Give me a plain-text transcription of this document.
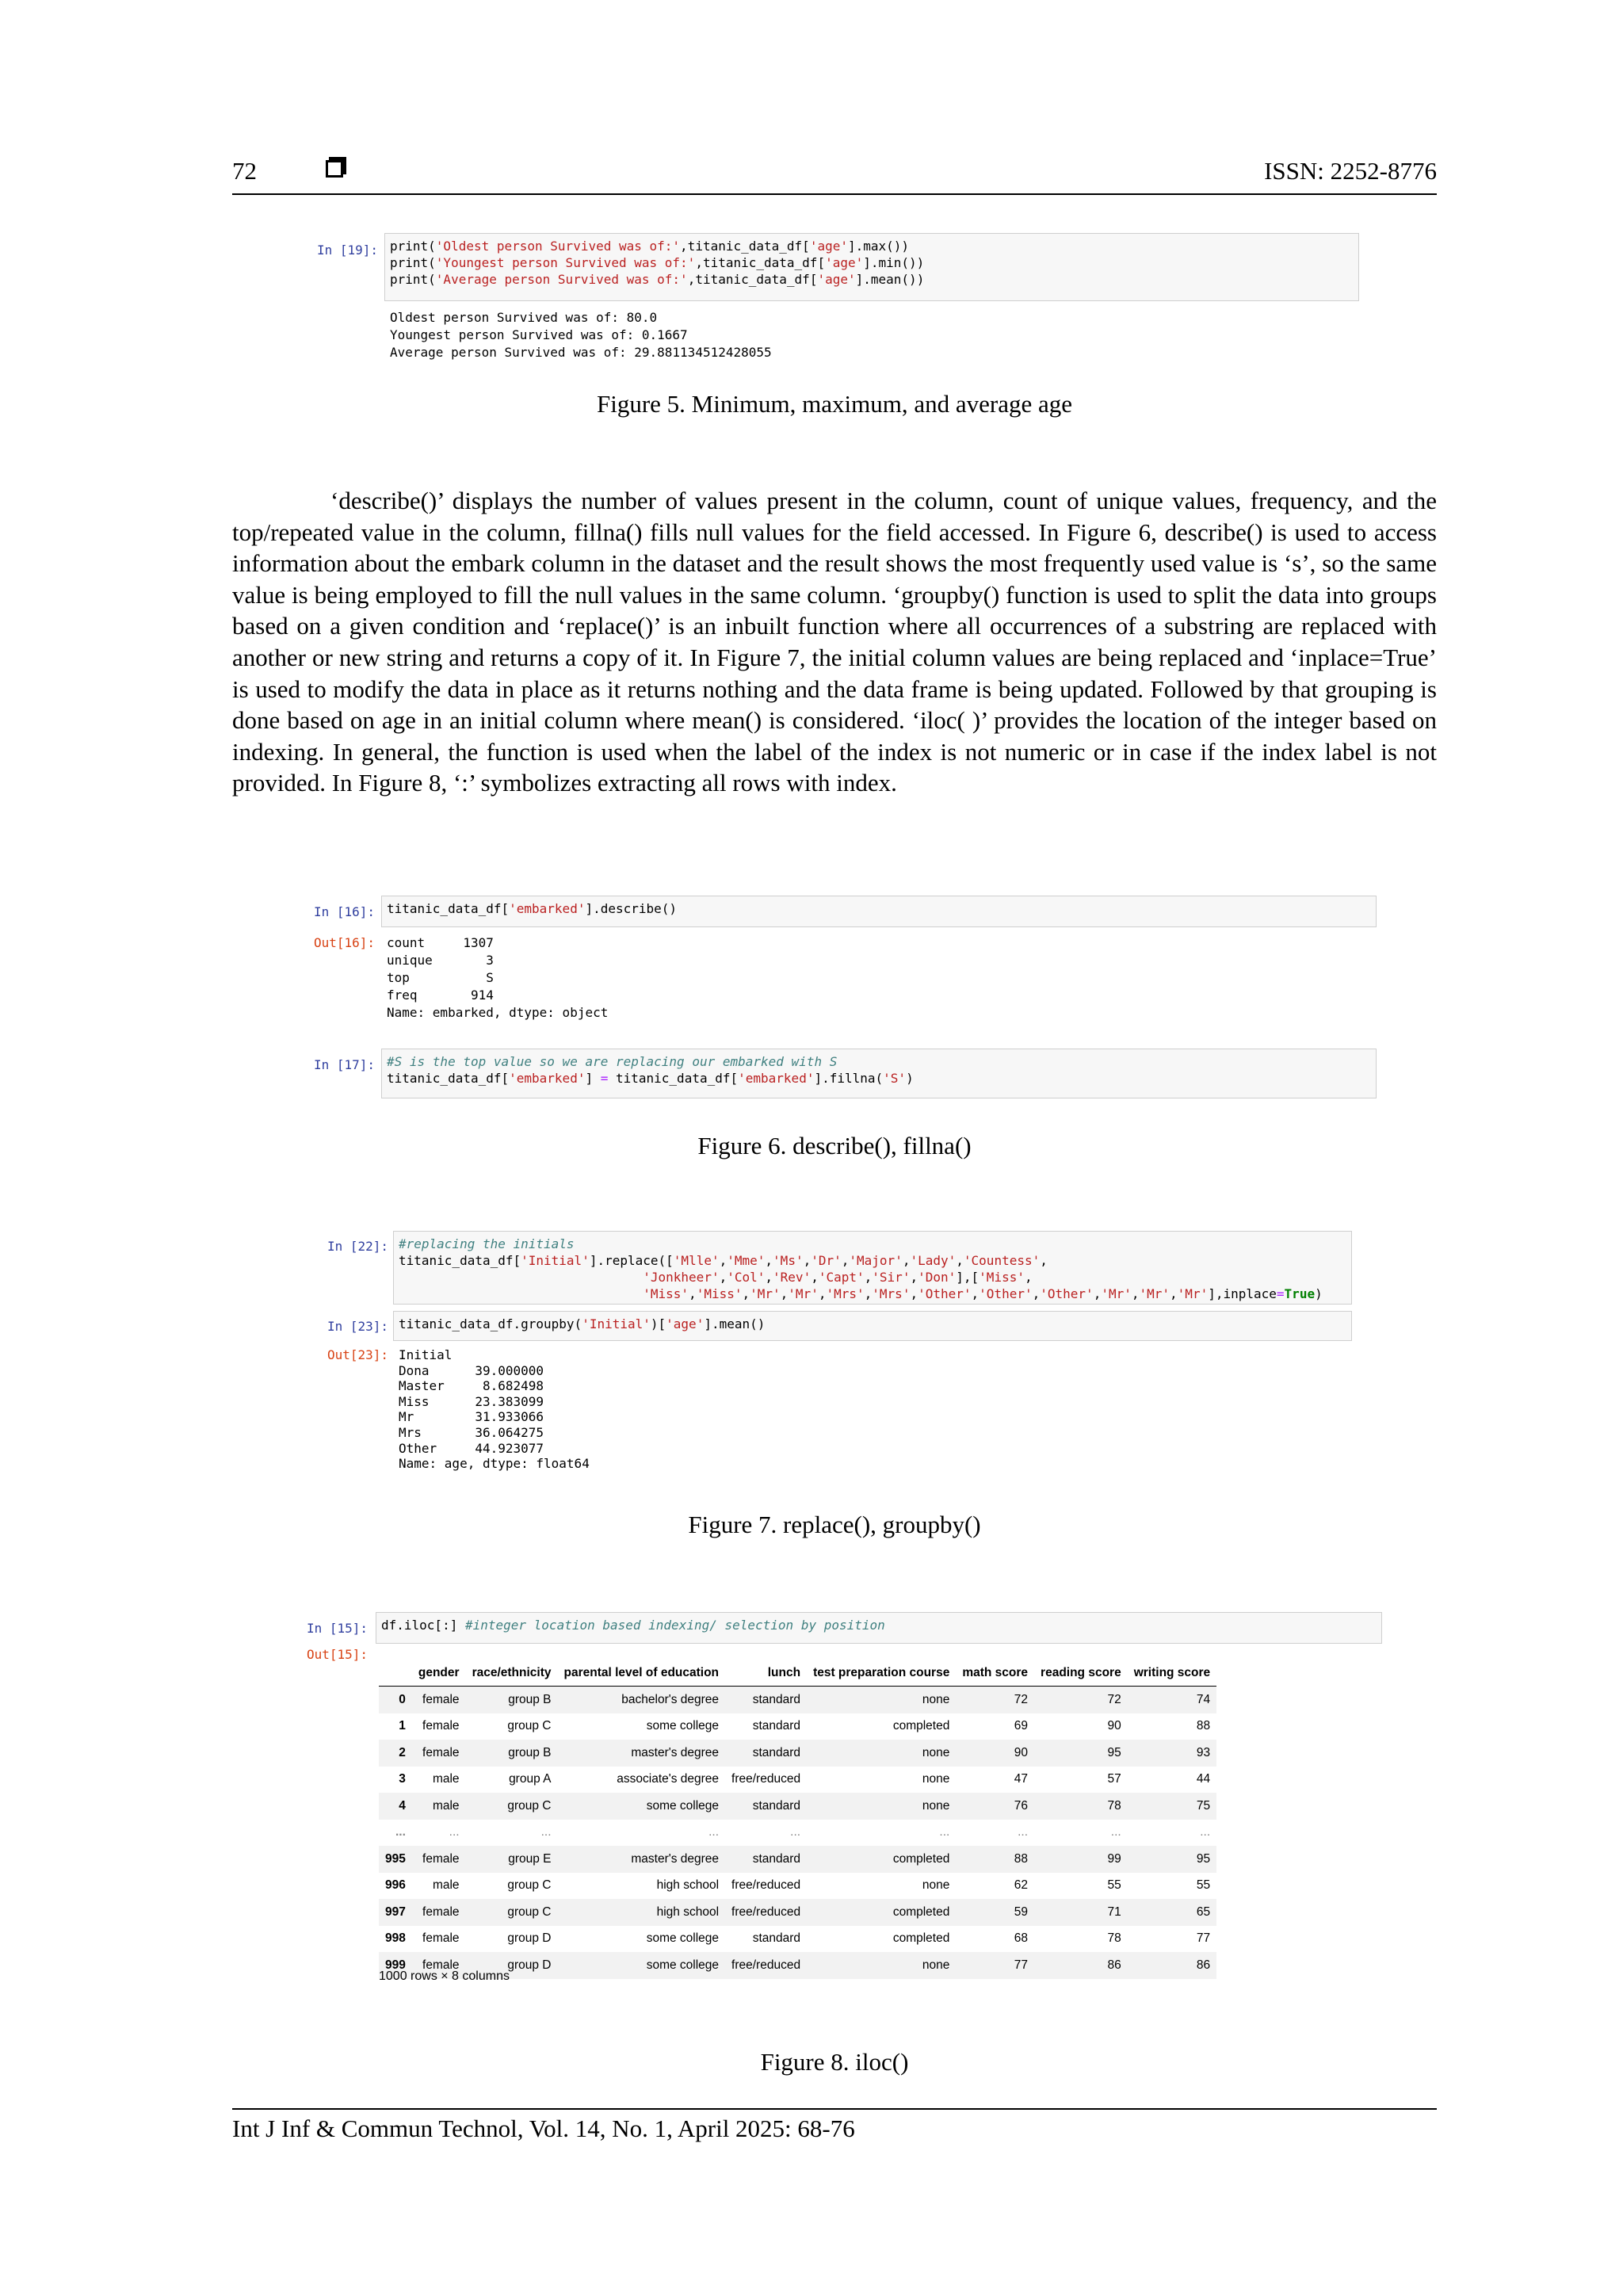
72	ISSN: 2252-8776
In [19]: print('Oldest person Survived was of:',titanic_data_df['age'].max())
print('Youngest person Survived was of:',titanic_data_df['age'].min())
print('Average person Survived was of:',titanic_data_df['age'].mean())
Oldest person Survived was of: 80.0
Youngest person Survived was of: 0.1667
Average person Survived was of: 29.881134512428055
Figure 5. Minimum, maximum, and average age

‘describe()’ displays the number of values present in the column, count of unique values, frequency, and the top/repeated value in the column, fillna() fills null values for the field accessed. In Figure 6, describe() is used to access information about the embark column in the dataset and the result shows the most frequently used value is ‘s’, so the same value is being employed to fill the null values in the same column. ‘groupby() function is used to split the data into groups based on a given condition and ‘replace()’ is an inbuilt function where all occurrences of a substring are replaced with another or new string and returns a copy of it. In Figure 7, the initial column values are being replaced and ‘inplace=True’ is used to modify the data in place as it returns nothing and the data frame is being updated. Followed by that grouping is done based on age in an initial column where mean() is considered. ‘iloc( )’ provides the location of the integer based on indexing. In general, the function is used when the label of the index is not numeric or in case if the index label is not provided. In Figure 8, ‘:’ symbolizes extracting all rows with index.

In [16]: titanic_data_df['embarked'].describe()
Out[16]: count     1307
unique       3
top          S
freq       914
Name: embarked, dtype: object
In [17]: #S is the top value so we are replacing our embarked with S
titanic_data_df['embarked'] = titanic_data_df['embarked'].fillna('S')
Figure 6. describe(), fillna()
In [22]: #replacing the initials
titanic_data_df['Initial'].replace(['Mlle','Mme','Ms','Dr','Major','Lady','Countess',
'Jonkheer','Col','Rev','Capt','Sir','Don'],['Miss',
'Miss','Miss','Mr','Mr','Mrs','Mrs','Other','Other','Other','Mr','Mr','Mr'],inplace=True)
In [23]: titanic_data_df.groupby('Initial')['age'].mean()
Out[23]: Initial
Dona      39.000000
Master     8.682498
Miss      23.383099
Mr        31.933066
Mrs       36.064275
Other     44.923077
Name: age, dtype: float64
Figure 7. replace(), groupby()
In [15]: df.iloc[:] #integer location based indexing/ selection by position
Out[15]:
	gender	race/ethnicity	parental level of education	lunch	test preparation course	math score	reading score	writing score
0	female	group B	bachelor's degree	standard	none	72	72	74
1	female	group C	some college	standard	completed	69	90	88
2	female	group B	master's degree	standard	none	90	95	93
3	male	group A	associate's degree	free/reduced	none	47	57	44
4	male	group C	some college	standard	none	76	78	75
...	...	...	...	...	...	...	...	...
995	female	group E	master's degree	standard	completed	88	99	95
996	male	group C	high school	free/reduced	none	62	55	55
997	female	group C	high school	free/reduced	completed	59	71	65
998	female	group D	some college	standard	completed	68	78	77
999	female	group D	some college	free/reduced	none	77	86	86
1000 rows × 8 columns
Figure 8. iloc()
Int J Inf & Commun Technol, Vol. 14, No. 1, April 2025: 68-76
